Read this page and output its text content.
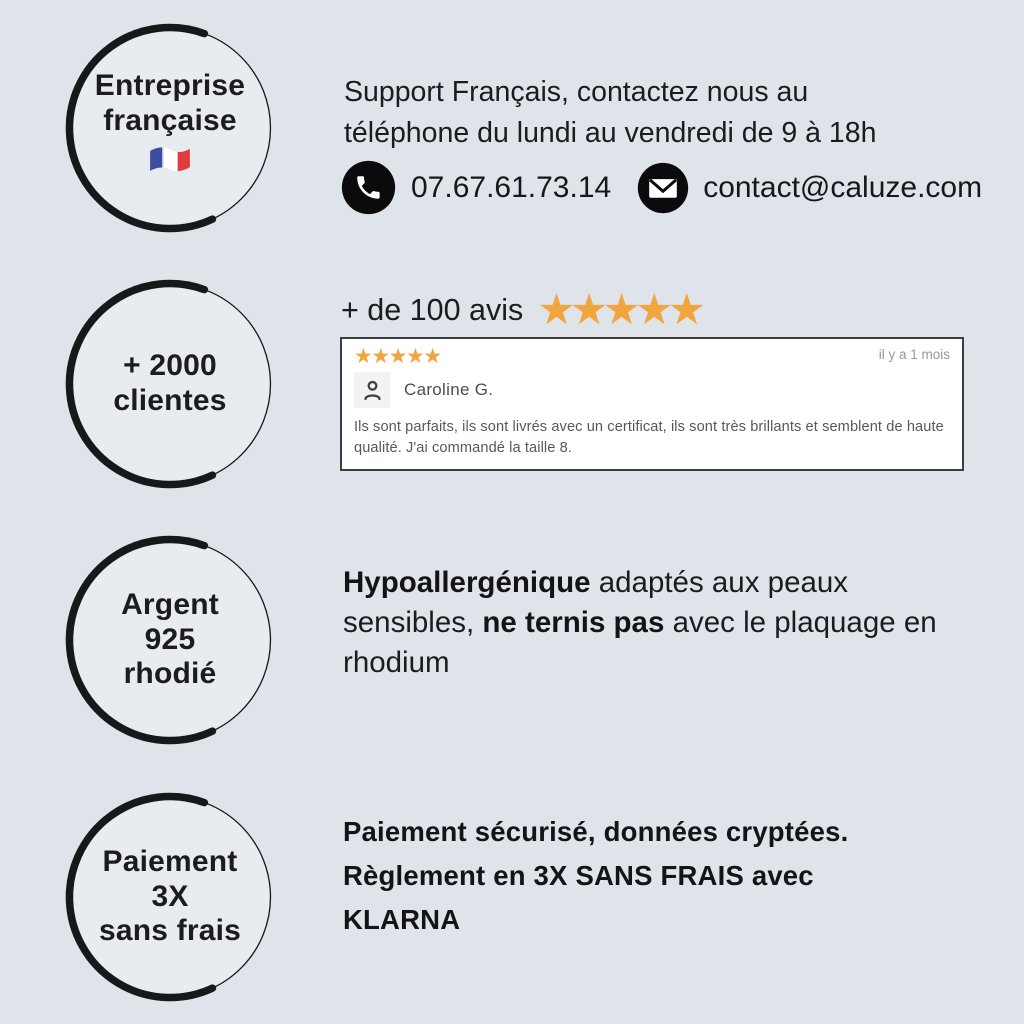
Entreprise
française
+ 2000
clientes
Argent
925
rhodié
Paiement
3X
sans frais
Support Français, contactez nous au
téléphone du lundi au vendredi de 9 à 18h
07.67.61.73.14	contact@caluze.com
+ de 100 avis ★★★★★
★★★★★	il y a 1 mois
Caroline G.
Ils sont parfaits, ils sont livrés avec un certificat, ils sont très brillants et semblent de haute qualité. J'ai commandé la taille 8.
Hypoallergénique adaptés aux peaux sensibles, ne ternis pas avec le plaquage en rhodium
Paiement sécurisé, données cryptées.
Règlement en 3X SANS FRAIS avec
KLARNA
